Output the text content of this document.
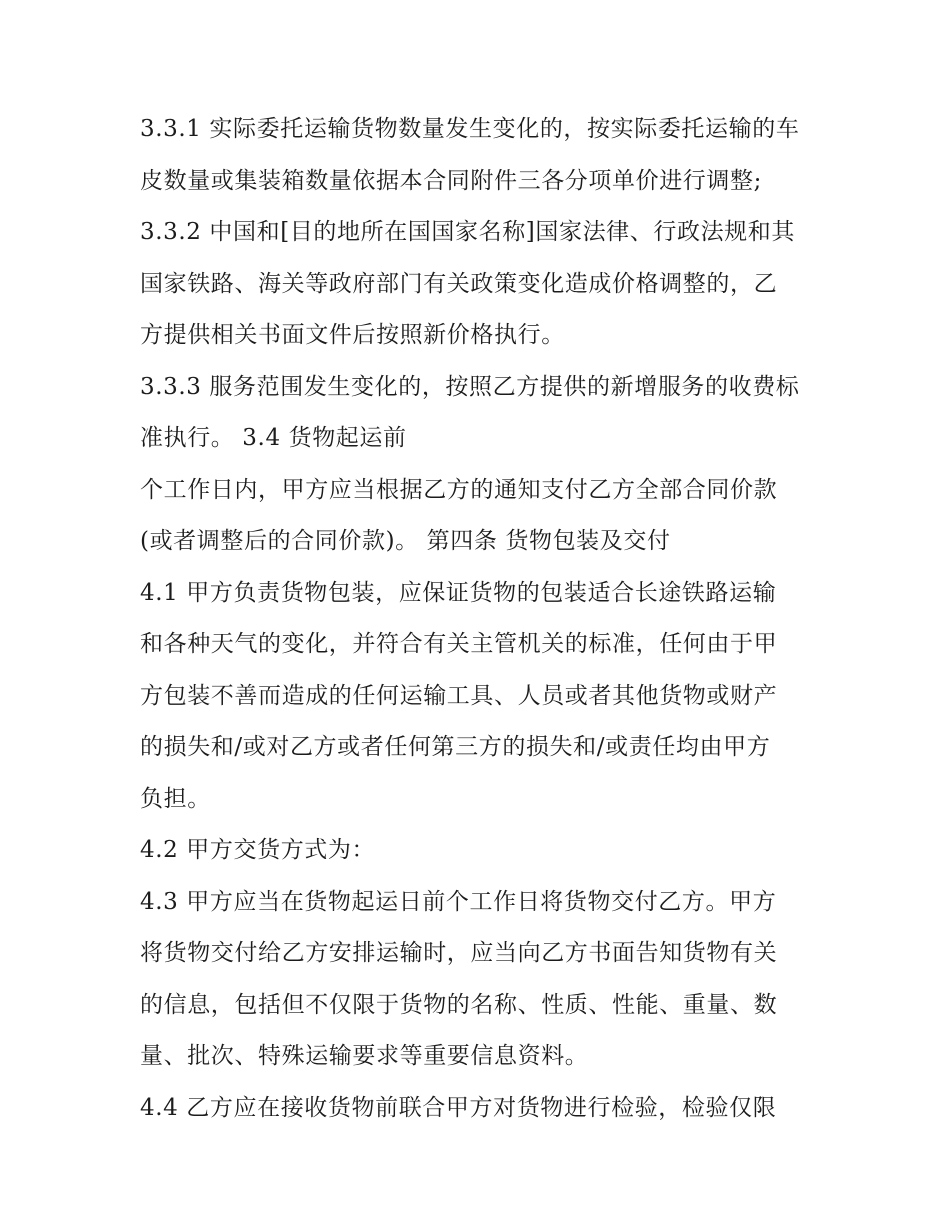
3.3.1 实际委托运输货物数量发生变化的，按实际委托运输的车
皮数量或集装箱数量依据本合同附件三各分项单价进行调整;
3.3.2 中国和[目的地所在国国家名称]国家法律、行政法规和其
国家铁路、海关等政府部门有关政策变化造成价格调整的，乙
方提供相关书面文件后按照新价格执行。
3.3.3 服务范围发生变化的，按照乙方提供的新增服务的收费标
准执行。 3.4 货物起运前
个工作日内，甲方应当根据乙方的通知支付乙方全部合同价款
(或者调整后的合同价款)。 第四条 货物包装及交付
4.1 甲方负责货物包装，应保证货物的包装适合长途铁路运输
和各种天气的变化，并符合有关主管机关的标准，任何由于甲
方包装不善而造成的任何运输工具、人员或者其他货物或财产
的损失和/或对乙方或者任何第三方的损失和/或责任均由甲方
负担。
4.2 甲方交货方式为：
4.3 甲方应当在货物起运日前个工作日将货物交付乙方。甲方
将货物交付给乙方安排运输时，应当向乙方书面告知货物有关
的信息，包括但不仅限于货物的名称、性质、性能、重量、数
量、批次、特殊运输要求等重要信息资料。
4.4 乙方应在接收货物前联合甲方对货物进行检验，检验仅限
